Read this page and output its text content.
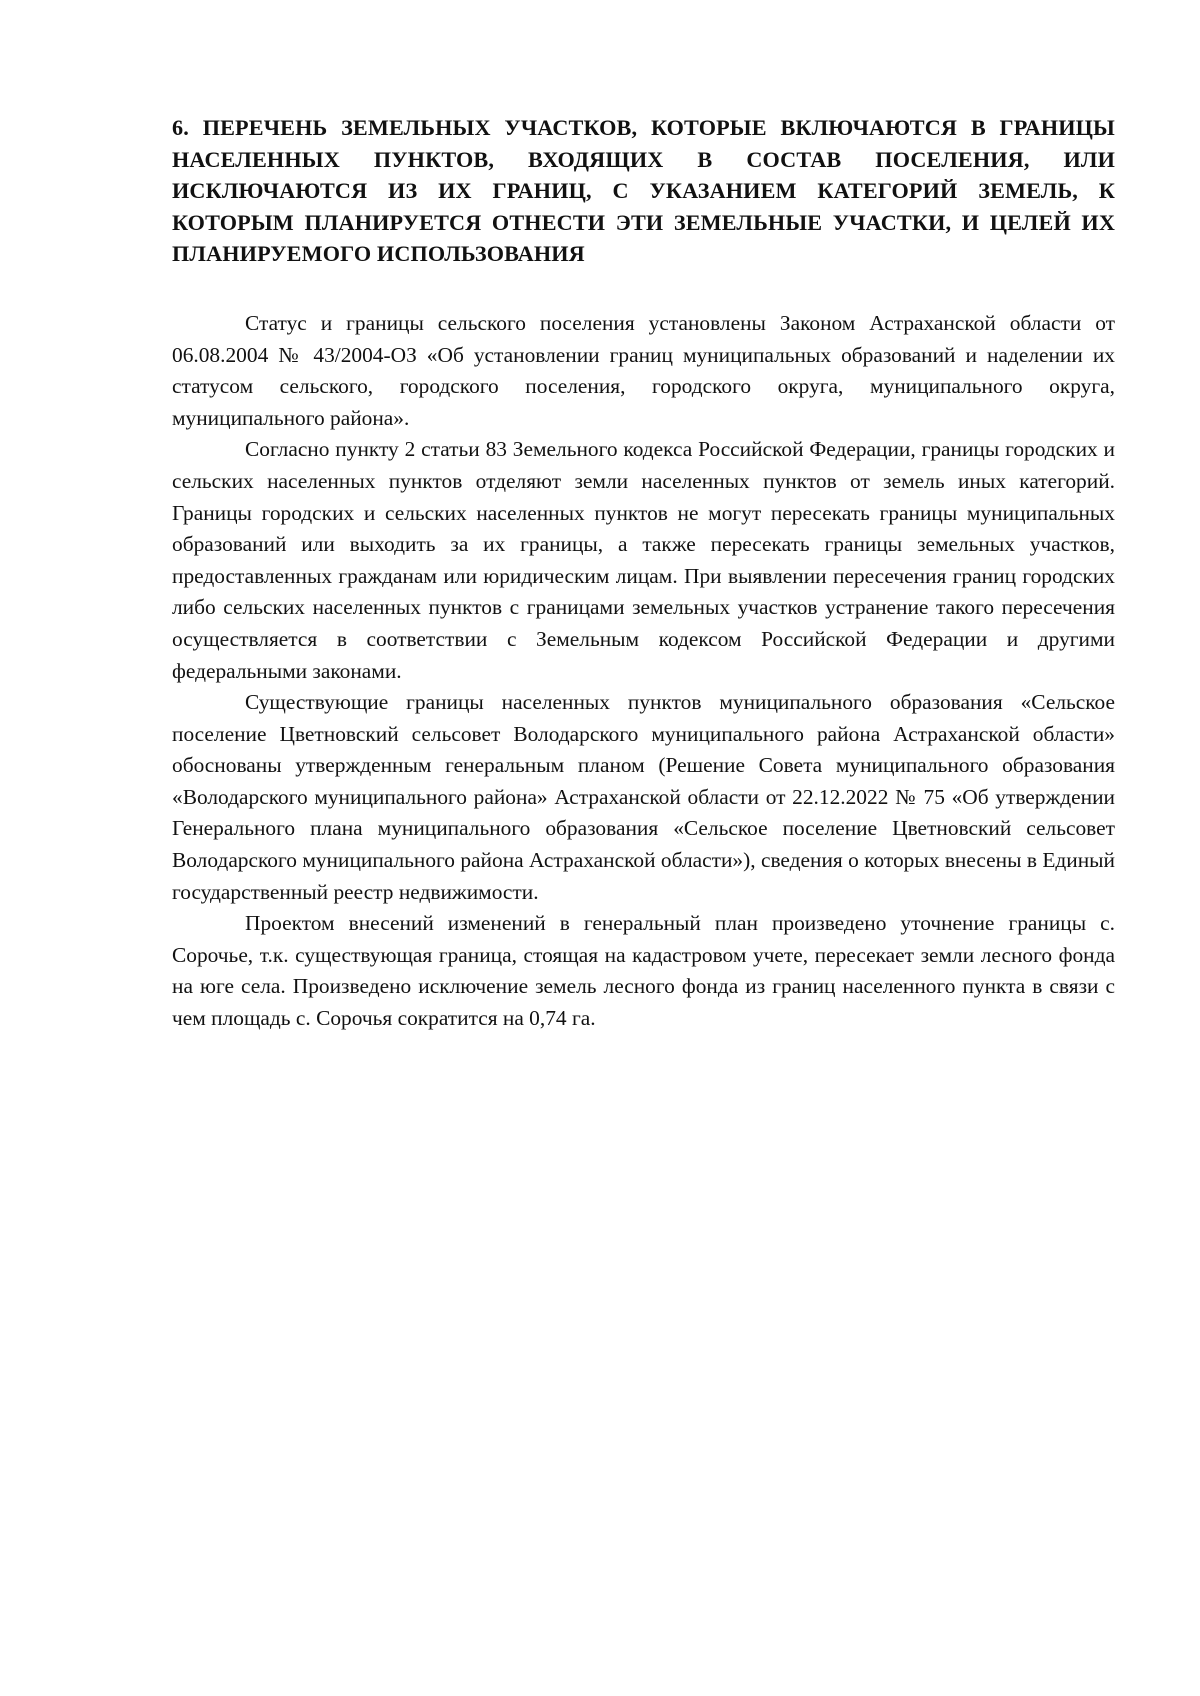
6. ПЕРЕЧЕНЬ ЗЕМЕЛЬНЫХ УЧАСТКОВ, КОТОРЫЕ ВКЛЮЧАЮТСЯ В ГРАНИЦЫ НАСЕЛЕННЫХ ПУНКТОВ, ВХОДЯЩИХ В СОСТАВ ПОСЕЛЕНИЯ, ИЛИ ИСКЛЮЧАЮТСЯ ИЗ ИХ ГРАНИЦ, С УКАЗАНИЕМ КАТЕГОРИЙ ЗЕМЕЛЬ, К КОТОРЫМ ПЛАНИРУЕТСЯ ОТНЕСТИ ЭТИ ЗЕМЕЛЬНЫЕ УЧАСТКИ, И ЦЕЛЕЙ ИХ ПЛАНИРУЕМОГО ИСПОЛЬЗОВАНИЯ

Статус и границы сельского поселения установлены Законом Астраханской области от 06.08.2004 № 43/2004-ОЗ «Об установлении границ муниципальных образований и наделении их статусом сельского, городского поселения, городского округа, муниципального округа, муниципального района».

Согласно пункту 2 статьи 83 Земельного кодекса Российской Федерации, границы городских и сельских населенных пунктов отделяют земли населенных пунктов от земель иных категорий. Границы городских и сельских населенных пунктов не могут пересекать границы муниципальных образований или выходить за их границы, а также пересекать границы земельных участков, предоставленных гражданам или юридическим лицам. При выявлении пересечения границ городских либо сельских населенных пунктов с границами земельных участков устранение такого пересечения осуществляется в соответствии с Земельным кодексом Российской Федерации и другими федеральными законами.

Существующие границы населенных пунктов муниципального образования «Сельское поселение Цветновский сельсовет Володарского муниципального района Астраханской области» обоснованы утвержденным генеральным планом (Решение Совета муниципального образования «Володарского муниципального района» Астраханской области от 22.12.2022 № 75 «Об утверждении Генерального плана муниципального образования «Сельское поселение Цветновский сельсовет Володарского муниципального района Астраханской области»), сведения о которых внесены в Единый государственный реестр недвижимости.

Проектом внесений изменений в генеральный план произведено уточнение границы с. Сорочье, т.к. существующая граница, стоящая на кадастровом учете, пересекает земли лесного фонда на юге села. Произведено исключение земель лесного фонда из границ населенного пункта в связи с чем площадь с. Сорочья сократится на 0,74 га.
